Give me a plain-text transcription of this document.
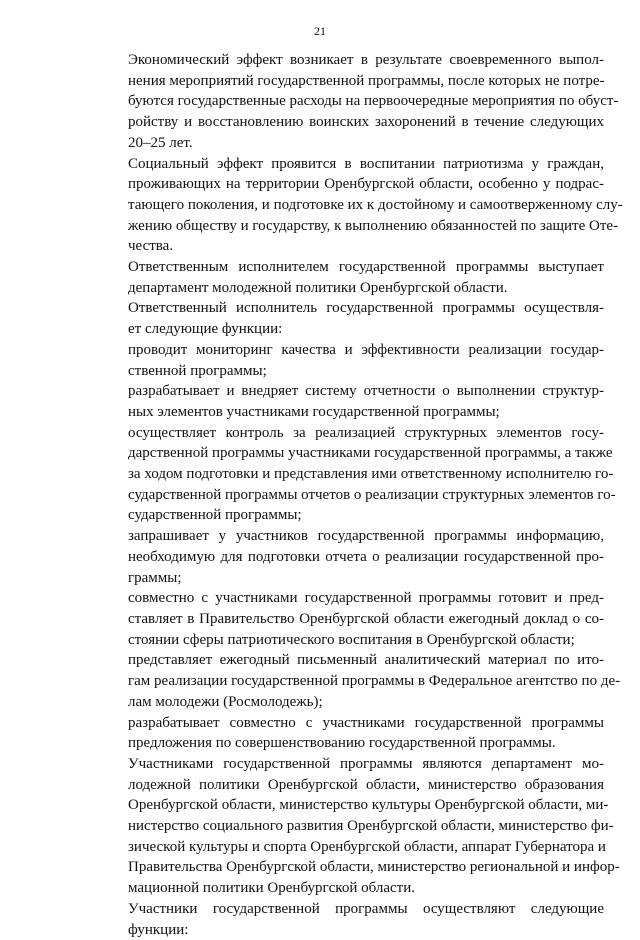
21

Экономический эффект возникает в результате своевременного выпол-
нения мероприятий государственной программы, после которых не потре-
буются государственные расходы на первоочередные мероприятия по обуст-
ройству и восстановлению воинских захоронений в течение следующих
20–25 лет.

Социальный эффект проявится в воспитании патриотизма у граждан,
проживающих на территории Оренбургской области, особенно у подрас-
тающего поколения, и подготовке их к достойному и самоотверженному слу-
жению обществу и государству, к выполнению обязанностей по защите Оте-
чества.

Ответственным исполнителем государственной программы выступает
департамент молодежной политики Оренбургской области.

Ответственный исполнитель государственной программы осуществля-
ет следующие функции:

проводит мониторинг качества и эффективности реализации государ-
ственной программы;

разрабатывает и внедряет систему отчетности о выполнении структур-
ных элементов участниками государственной программы;

осуществляет контроль за реализацией структурных элементов госу-
дарственной программы участниками государственной программы, а также
за ходом подготовки и представления ими ответственному исполнителю го-
сударственной программы отчетов о реализации структурных элементов го-
сударственной программы;

запрашивает у участников государственной программы информацию,
необходимую для подготовки отчета о реализации государственной про-
граммы;

совместно с участниками государственной программы готовит и пред-
ставляет в Правительство Оренбургской области ежегодный доклад о со-
стоянии сферы патриотического воспитания в Оренбургской области;

представляет ежегодный письменный аналитический материал по ито-
гам реализации государственной программы в Федеральное агентство по де-
лам молодежи (Росмолодежь);

разрабатывает совместно с участниками государственной программы
предложения по совершенствованию государственной программы.

Участниками государственной программы являются департамент мо-
лодежной политики Оренбургской области, министерство образования
Оренбургской области, министерство культуры Оренбургской области, ми-
нистерство социального развития Оренбургской области, министерство фи-
зической культуры и спорта Оренбургской области, аппарат Губернатора и
Правительства Оренбургской области, министерство региональной и инфор-
мационной политики Оренбургской области.

Участники государственной программы осуществляют следующие
функции:
